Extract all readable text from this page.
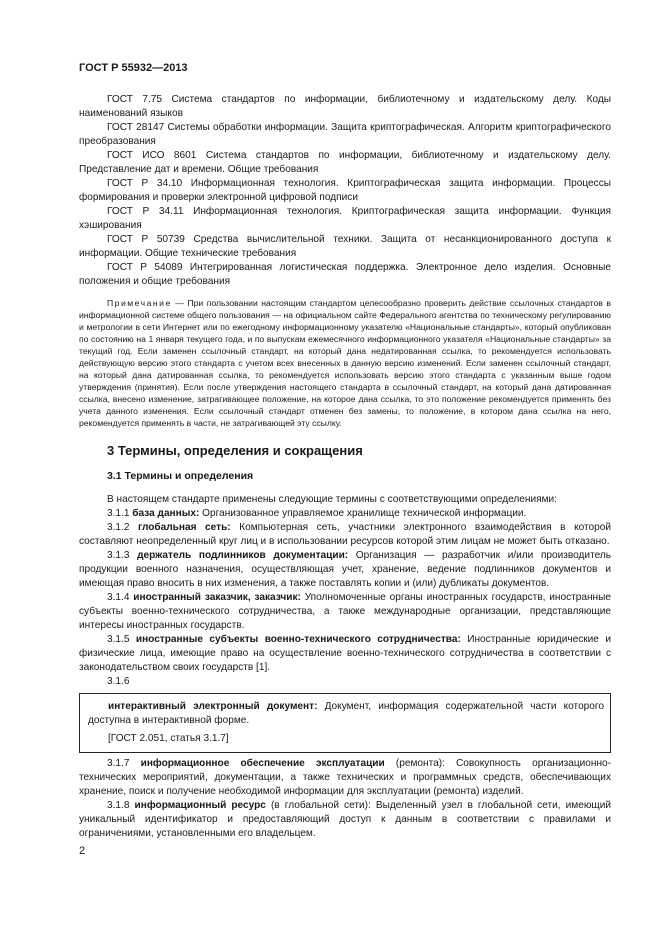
ГОСТ Р 55932—2013

ГОСТ 7.75 Система стандартов по информации, библиотечному и издательскому делу. Коды наименований языков

ГОСТ 28147 Системы обработки информации. Защита криптографическая. Алгоритм криптографического преобразования

ГОСТ ИСО 8601 Система стандартов по информации, библиотечному и издательскому делу. Представление дат и времени. Общие требования

ГОСТ Р 34.10 Информационная технология. Криптографическая защита информации. Процессы формирования и проверки электронной цифровой подписи

ГОСТ Р 34.11 Информационная технология. Криптографическая защита информации. Функция хэширования

ГОСТ Р 50739 Средства вычислительной техники. Защита от несанкционированного доступа к информации. Общие технические требования

ГОСТ Р 54089 Интегрированная логистическая поддержка. Электронное дело изделия. Основные положения и общие требования

Примечание — При пользовании настоящим стандартом целесообразно проверить действие ссылочных стандартов в информационной системе общего пользования — на официальном сайте Федерального агентства по техническому регулированию и метрологии в сети Интернет или по ежегодному информационному указателю «Национальные стандарты», который опубликован по состоянию на 1 января текущего года, и по выпускам ежемесячного информационного указателя «Национальные стандарты» за текущий год. Если заменен ссылочный стандарт, на который дана недатированная ссылка, то рекомендуется использовать действующую версию этого стандарта с учетом всех внесенных в данную версию изменений. Если заменен ссылочный стандарт, на который дана датированная ссылка, то рекомендуется использовать версию этого стандарта с указанным выше годом утверждения (принятия). Если после утверждения настоящего стандарта в ссылочный стандарт, на который дана датированная ссылка, внесено изменение, затрагивающее положение, на которое дана ссылка, то это положение рекомендуется применять без учета данного изменения. Если ссылочный стандарт отменен без замены, то положение, в котором дана ссылка на него, рекомендуется применять в части, не затрагивающей эту ссылку.

3 Термины, определения и сокращения
3.1 Термины и определения

В настоящем стандарте применены следующие термины с соответствующими определениями:

3.1.1 база данных: Организованное управляемое хранилище технической информации.

3.1.2 глобальная сеть: Компьютерная сеть, участники электронного взаимодействия в которой составляют неопределенный круг лиц и в использовании ресурсов которой этим лицам не может быть отказано.

3.1.3 держатель подлинников документации: Организация — разработчик и/или производитель продукции военного назначения, осуществляющая учет, хранение, ведение подлинников документов и имеющая право вносить в них изменения, а также поставлять копии и (или) дубликаты документов.

3.1.4 иностранный заказчик, заказчик: Уполномоченные органы иностранных государств, иностранные субъекты военно-технического сотрудничества, а также международные организации, представляющие интересы иностранных государств.

3.1.5 иностранные субъекты военно-технического сотрудничества: Иностранные юридические и физические лица, имеющие право на осуществление военно-технического сотрудничества в соответствии с законодательством своих государств [1].

3.1.6

интерактивный электронный документ: Документ, информация содержательной части которого доступна в интерактивной форме.

[ГОСТ 2.051, статья 3.1.7]

3.1.7 информационное обеспечение эксплуатации (ремонта): Совокупность организационно-технических мероприятий, документации, а также технических и программных средств, обеспечивающих хранение, поиск и получение необходимой информации для эксплуатации (ремонта) изделий.

3.1.8 информационный ресурс (в глобальной сети): Выделенный узел в глобальной сети, имеющий уникальный идентификатор и предоставляющий доступ к данным в соответствии с правилами и ограничениями, установленными его владельцем.

2
